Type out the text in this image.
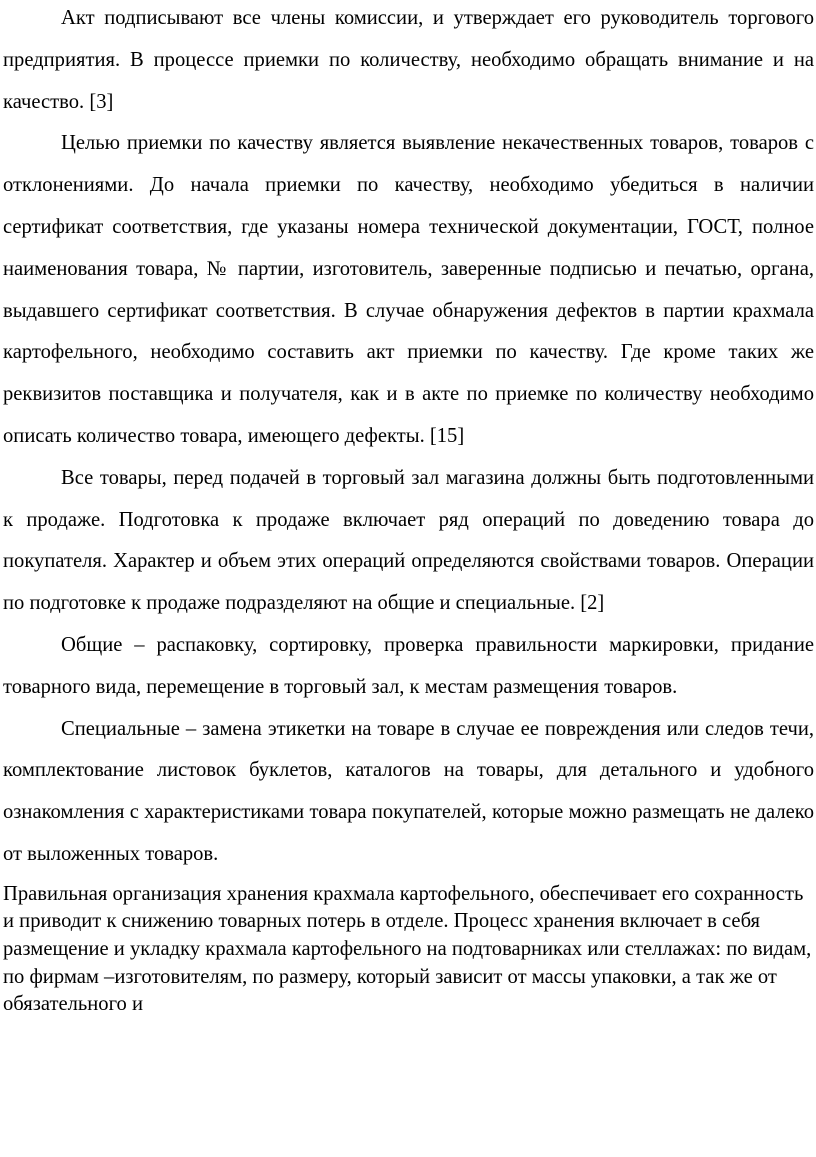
Акт подписывают все члены комиссии, и утверждает его руководитель торгового предприятия. В процессе приемки по количеству, необходимо обращать внимание и на качество. [3]

Целью приемки по качеству является выявление некачественных товаров, товаров с отклонениями. До начала приемки по качеству, необходимо убедиться в наличии сертификат соответствия, где указаны номера технической документации, ГОСТ, полное наименования товара, № партии, изготовитель, заверенные подписью и печатью, органа, выдавшего сертификат соответствия. В случае обнаружения дефектов в партии крахмала картофельного, необходимо составить акт приемки по качеству. Где кроме таких же реквизитов поставщика и получателя, как и в акте по приемке по количеству необходимо описать количество товара, имеющего дефекты. [15]

Все товары, перед подачей в торговый зал магазина должны быть подготовленными к продаже. Подготовка к продаже включает ряд операций по доведению товара до покупателя. Характер и объем этих операций определяются свойствами товаров. Операции по подготовке к продаже подразделяют на общие и специальные. [2]

Общие – распаковку, сортировку, проверка правильности маркировки, придание товарного вида, перемещение в торговый зал, к местам размещения товаров.

Специальные – замена этикетки на товаре в случае ее повреждения или следов течи, комплектование листовок буклетов, каталогов на товары, для детального и удобного ознакомления с характеристиками товара покупателей, которые можно размещать не далеко от выложенных товаров.

Правильная организация хранения крахмала картофельного, обеспечивает его сохранность и приводит к снижению товарных потерь в отделе. Процесс хранения включает в себя размещение и укладку крахмала картофельного на подтоварниках или стеллажах: по видам, по фирмам –изготовителям, по размеру, который зависит от массы упаковки, а так же от обязательного и
